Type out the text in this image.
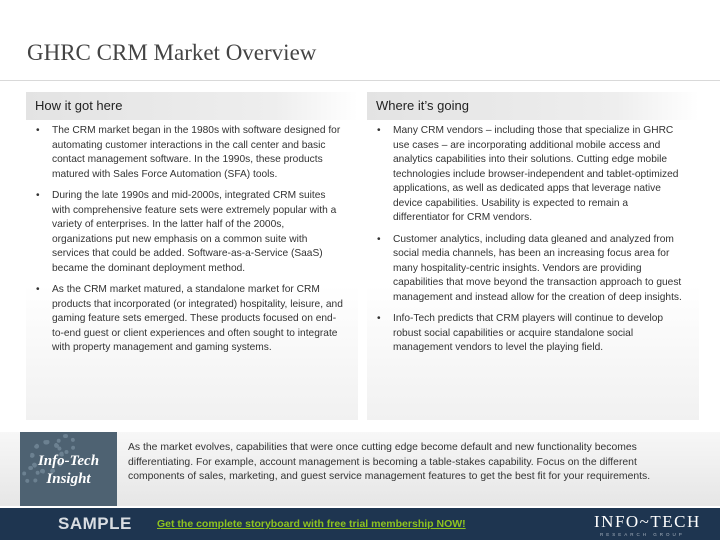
GHRC CRM Market Overview
How it got here
• The CRM market began in the 1980s with software designed for automating customer interactions in the call center and basic contact management software. In the 1990s, these products matured with Sales Force Automation (SFA) tools.
• During the late 1990s and mid-2000s, integrated CRM suites with comprehensive feature sets were extremely popular with a variety of enterprises. In the latter half of the 2000s, organizations put new emphasis on a common suite with services that could be added. Software-as-a-Service (SaaS) became the dominant deployment method.
• As the CRM market matured, a standalone market for CRM products that incorporated (or integrated) hospitality, leisure, and gaming feature sets emerged. These products focused on end-to-end guest or client experiences and often sought to integrate with property management and gaming systems.
Where it’s going
• Many CRM vendors – including those that specialize in GHRC use cases – are incorporating additional mobile access and analytics capabilities into their solutions. Cutting edge mobile technologies include browser-independent and tablet-optimized applications, as well as dedicated apps that leverage native device capabilities. Usability is expected to remain a differentiator for CRM vendors.
• Customer analytics, including data gleaned and analyzed from social media channels, has been an increasing focus area for many hospitality-centric insights. Vendors are providing capabilities that move beyond the transaction approach to guest management and instead allow for the creation of deep insights.
• Info-Tech predicts that CRM players will continue to develop robust social capabilities or acquire standalone social management vendors to level the playing field.
Info-Tech
Insight
As the market evolves, capabilities that were once cutting edge become default and new functionality becomes differentiating. For example, account management is becoming a table-stakes capability. Focus on the different components of sales, marketing, and guest service management features to get the best fit for your requirements.
SAMPLE Get the complete storyboard with free trial membership NOW!	INFO~TECH
RESEARCH GROUP
